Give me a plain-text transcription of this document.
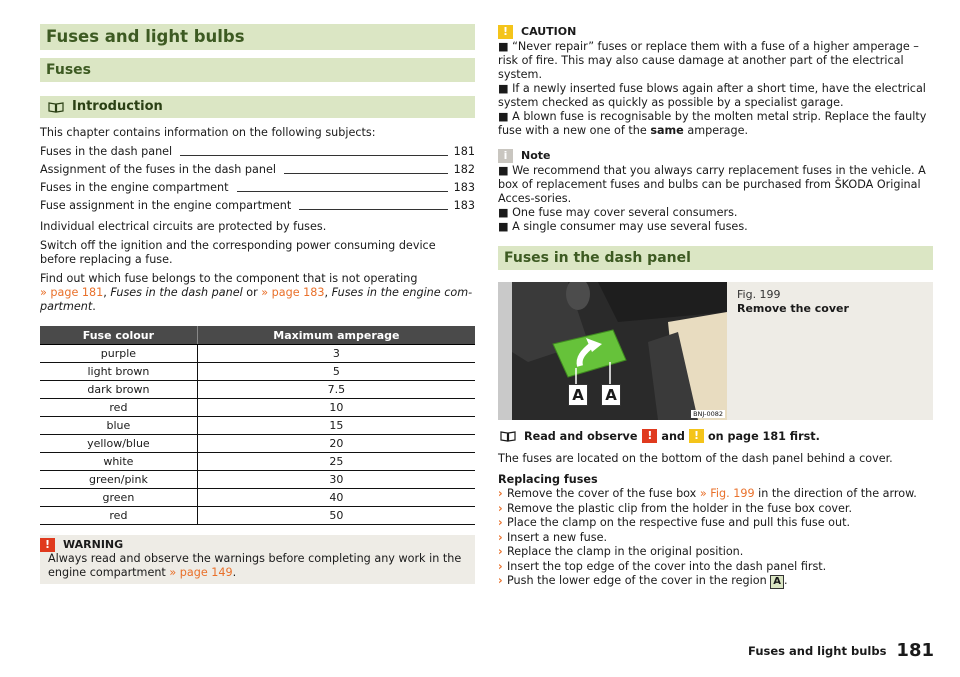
Fuses and light bulbs
Fuses
Introduction

This chapter contains information on the following subjects:

Fuses in the dash panel	181
Assignment of the fuses in the dash panel	182
Fuses in the engine compartment	183
Fuse assignment in the engine compartment	183

Individual electrical circuits are protected by fuses.

Switch off the ignition and the corresponding power consuming device before replacing a fuse.

Find out which fuse belongs to the component that is not operating
» page 181, Fuses in the dash panel or » page 183, Fuses in the engine com-partment.

Fuse colour	Maximum amperage
purple	3
light brown	5
dark brown	7.5
red	10
blue	15
yellow/blue	20
white	25
green/pink	30
green	40
red	50
!	WARNING
Always read and observe the warnings before completing any work in the engine compartment » page 149.
!	CAUTION
■ “Never repair” fuses or replace them with a fuse of a higher amperage – risk of fire. This may also cause damage at another part of the electrical system.
■ If a newly inserted fuse blows again after a short time, have the electrical system checked as quickly as possible by a specialist garage.
■ A blown fuse is recognisable by the molten metal strip. Replace the faulty fuse with a new one of the same amperage.
i	Note
■ We recommend that you always carry replacement fuses in the vehicle. A box of replacement fuses and bulbs can be purchased from ŠKODA Original Acces-sories.
■ One fuse may cover several consumers.
■ A single consumer may use several fuses.
Fuses in the dash panel
A A
BNJ-0082
Fig. 199
Remove the cover
Read and observe ! and ! on page 181 first.

The fuses are located on the bottom of the dash panel behind a cover.

Replacing fuses

› Remove the cover of the fuse box » Fig. 199 in the direction of the arrow.
› Remove the plastic clip from the holder in the fuse box cover.
› Place the clamp on the respective fuse and pull this fuse out.
› Insert a new fuse.
› Replace the clamp in the original position.
› Insert the top edge of the cover into the dash panel first.
› Push the lower edge of the cover in the region A .
Fuses and light bulbs 181
